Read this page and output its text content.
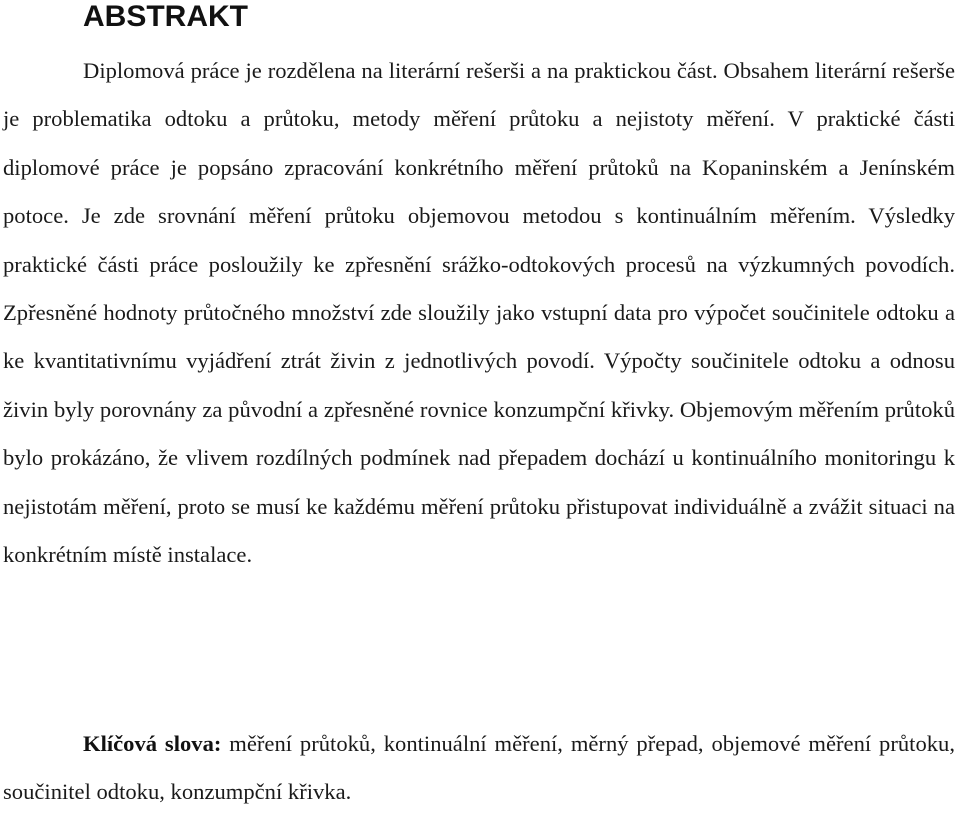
ABSTRAKT

Diplomová práce je rozdělena na literární rešerši a na praktickou část. Obsahem literární rešerše je problematika odtoku a průtoku, metody měření průtoku a nejistoty měření. V praktické části diplomové práce je popsáno zpracování konkrétního měření průtoků na Kopaninském a Jenínském potoce. Je zde srovnání měření průtoku objemovou metodou s kontinuálním měřením. Výsledky praktické části práce posloužily ke zpřesnění srážko-odtokových procesů na výzkumných povodích. Zpřesněné hodnoty průtočného množství zde sloužily jako vstupní data pro výpočet součinitele odtoku a ke kvantitativnímu vyjádření ztrát živin z jednotlivých povodí. Výpočty součinitele odtoku a odnosu živin byly porovnány za původní a zpřesněné rovnice konzumpční křivky. Objemovým měřením průtoků bylo prokázáno, že vlivem rozdílných podmínek nad přepadem dochází u kontinuálního monitoringu k nejistotám měření, proto se musí ke každému měření průtoku přistupovat individuálně a zvážit situaci na konkrétním místě instalace.

Klíčová slova: měření průtoků, kontinuální měření, měrný přepad, objemové měření průtoku, součinitel odtoku, konzumpční křivka.
